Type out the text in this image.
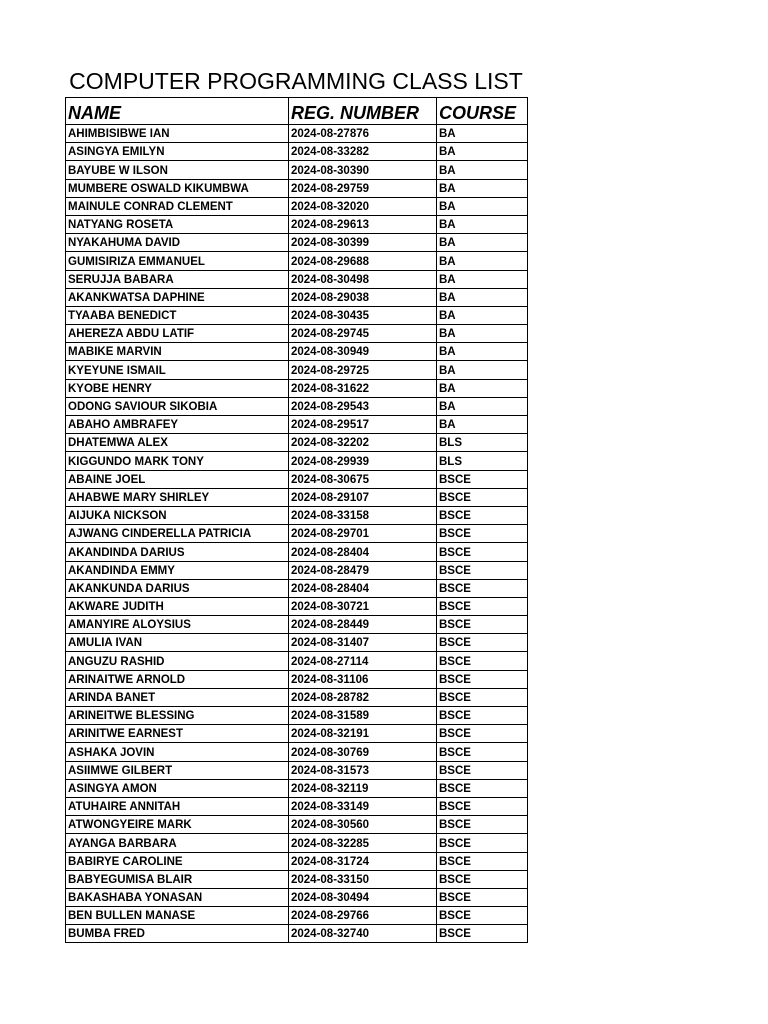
COMPUTER PROGRAMMING CLASS LIST
NAME	REG. NUMBER	COURSE
AHIMBISIBWE IAN	2024-08-27876	BA
ASINGYA EMILYN	2024-08-33282	BA
BAYUBE W ILSON	2024-08-30390	BA
MUMBERE OSWALD KIKUMBWA	2024-08-29759	BA
MAINULE CONRAD CLEMENT	2024-08-32020	BA
NATYANG ROSETA	2024-08-29613	BA
NYAKAHUMA DAVID	2024-08-30399	BA
GUMISIRIZA EMMANUEL	2024-08-29688	BA
SERUJJA BABARA	2024-08-30498	BA
AKANKWATSA DAPHINE	2024-08-29038	BA
TYAABA BENEDICT	2024-08-30435	BA
AHEREZA ABDU LATIF	2024-08-29745	BA
MABIKE MARVIN	2024-08-30949	BA
KYEYUNE ISMAIL	2024-08-29725	BA
KYOBE HENRY	2024-08-31622	BA
ODONG SAVIOUR SIKOBIA	2024-08-29543	BA
ABAHO AMBRAFEY	2024-08-29517	BA
DHATEMWA ALEX	2024-08-32202	BLS
KIGGUNDO MARK TONY	2024-08-29939	BLS
ABAINE JOEL	2024-08-30675	BSCE
AHABWE MARY SHIRLEY	2024-08-29107	BSCE
AIJUKA NICKSON	2024-08-33158	BSCE
AJWANG CINDERELLA PATRICIA	2024-08-29701	BSCE
AKANDINDA DARIUS	2024-08-28404	BSCE
AKANDINDA EMMY	2024-08-28479	BSCE
AKANKUNDA DARIUS	2024-08-28404	BSCE
AKWARE JUDITH	2024-08-30721	BSCE
AMANYIRE ALOYSIUS	2024-08-28449	BSCE
AMULIA IVAN	2024-08-31407	BSCE
ANGUZU RASHID	2024-08-27114	BSCE
ARINAITWE ARNOLD	2024-08-31106	BSCE
ARINDA BANET	2024-08-28782	BSCE
ARINEITWE BLESSING	2024-08-31589	BSCE
ARINITWE EARNEST	2024-08-32191	BSCE
ASHAKA JOVIN	2024-08-30769	BSCE
ASIIMWE GILBERT	2024-08-31573	BSCE
ASINGYA AMON	2024-08-32119	BSCE
ATUHAIRE ANNITAH	2024-08-33149	BSCE
ATWONGYEIRE MARK	2024-08-30560	BSCE
AYANGA BARBARA	2024-08-32285	BSCE
BABIRYE CAROLINE	2024-08-31724	BSCE
BABYEGUMISA BLAIR	2024-08-33150	BSCE
BAKASHABA YONASAN	2024-08-30494	BSCE
BEN BULLEN MANASE	2024-08-29766	BSCE
BUMBA FRED	2024-08-32740	BSCE
